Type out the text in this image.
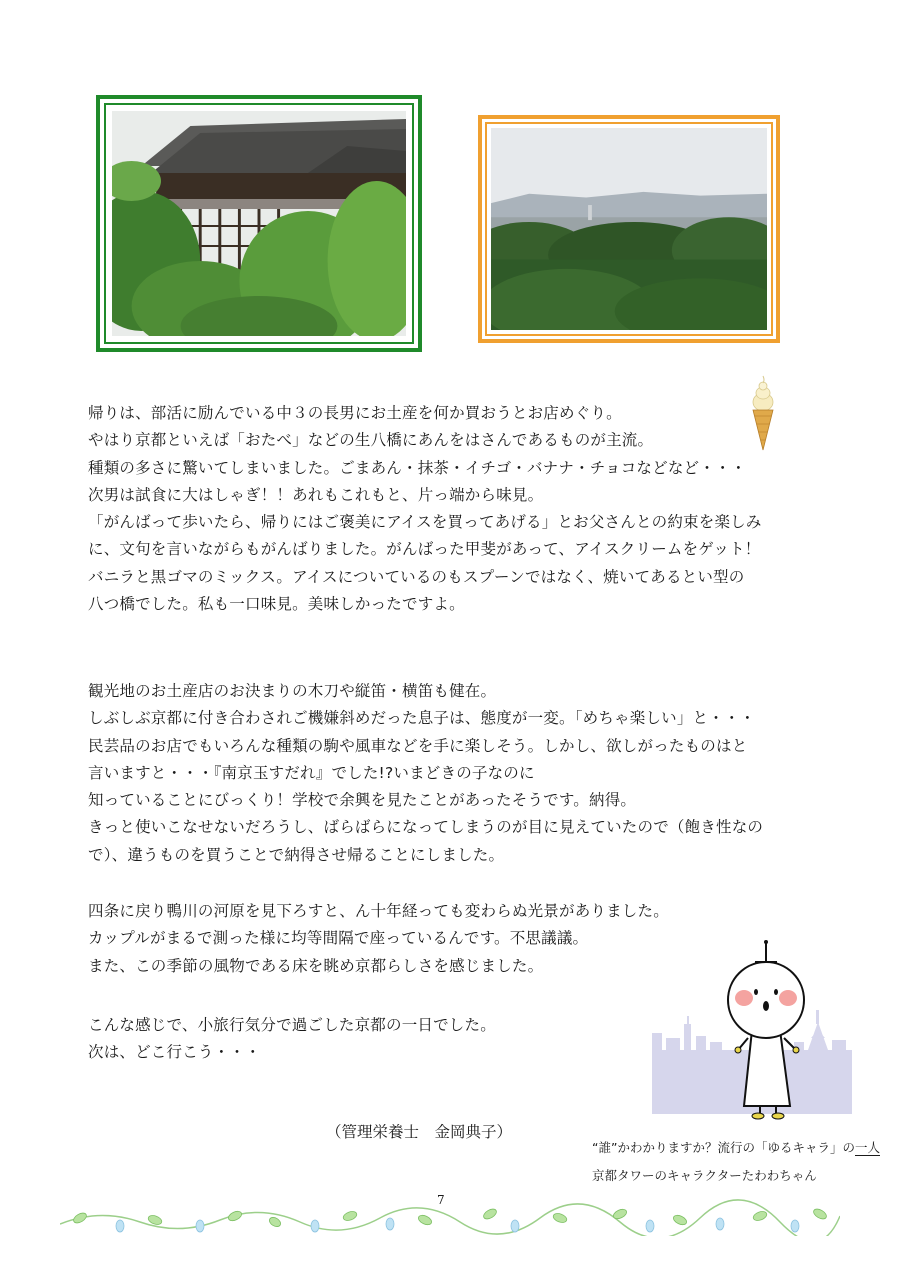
帰りは、部活に励んでいる中３の長男にお土産を何か買おうとお店めぐり。

やはり京都といえば「おたべ」などの生八橋にあんをはさんであるものが主流。

種類の多さに驚いてしまいました。ごまあん・抹茶・イチゴ・バナナ・チョコなどなど・・・

次男は試食に大はしゃぎ！！あれもこれもと、片っ端から味見。

「がんばって歩いたら、帰りにはご褒美にアイスを買ってあげる」とお父さんとの約束を楽しみ

に、文句を言いながらもがんばりました。がんばった甲斐があって、アイスクリームをゲット！

バニラと黒ゴマのミックス。アイスについているのもスプーンではなく、焼いてあるとい型の

八つ橋でした。私も一口味見。美味しかったですよ。

観光地のお土産店のお決まりの木刀や縦笛・横笛も健在。

しぶしぶ京都に付き合わされご機嫌斜めだった息子は、態度が一変。「めちゃ楽しい」と・・・

民芸品のお店でもいろんな種類の駒や風車などを手に楽しそう。しかし、欲しがったものはと

言いますと・・・『南京玉すだれ』でした!?いまどきの子なのに

知っていることにびっくり！学校で余興を見たことがあったそうです。納得。

きっと使いこなせないだろうし、ばらばらになってしまうのが目に見えていたので（飽き性なの

で）、違うものを買うことで納得させ帰ることにしました。

四条に戻り鴨川の河原を見下ろすと、ん十年経っても変わらぬ光景がありました。

カップルがまるで測った様に均等間隔で座っているんです。不思議議。

また、この季節の風物である床を眺め京都らしさを感じました。

こんな感じで、小旅行気分で過ごした京都の一日でした。

次は、どこ行こう・・・

（管理栄養士　金岡典子）
“誰”かわかりますか？流行の「ゆるキャラ」の一人
京都タワーのキャラクターたわわちゃん
7
